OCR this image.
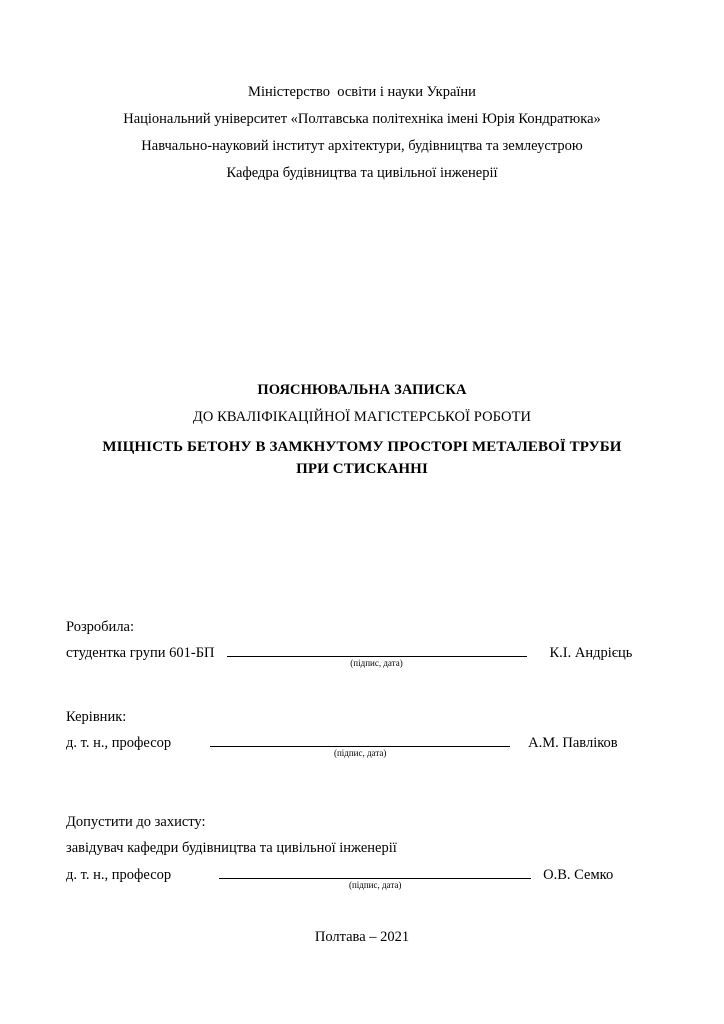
Міністерство  освіти і науки України
Національний університет «Полтавська політехніка імені Юрія Кондратюка»
Навчально-науковий інститут архітектури, будівництва та землеустрою
Кафедра будівництва та цивільної інженерії
ПОЯСНЮВАЛЬНА ЗАПИСКА
ДО КВАЛІФІКАЦІЙНОЇ МАГІСТЕРСЬКОЇ РОБОТИ
МІЦНІСТЬ БЕТОНУ В ЗАМКНУТОМУ ПРОСТОРІ МЕТАЛЕВОЇ ТРУБИ
ПРИ СТИСКАННІ
Розробила:
студентка групи 601-БП
(підпис, дата)
К.І. Андрієць
Керівник:
д. т. н., професор
(підпис, дата)
А.М. Павліков
Допустити до захисту:
завідувач кафедри будівництва та цивільної інженерії
д. т. н., професор
(підпис, дата)
О.В. Семко
Полтава – 2021
